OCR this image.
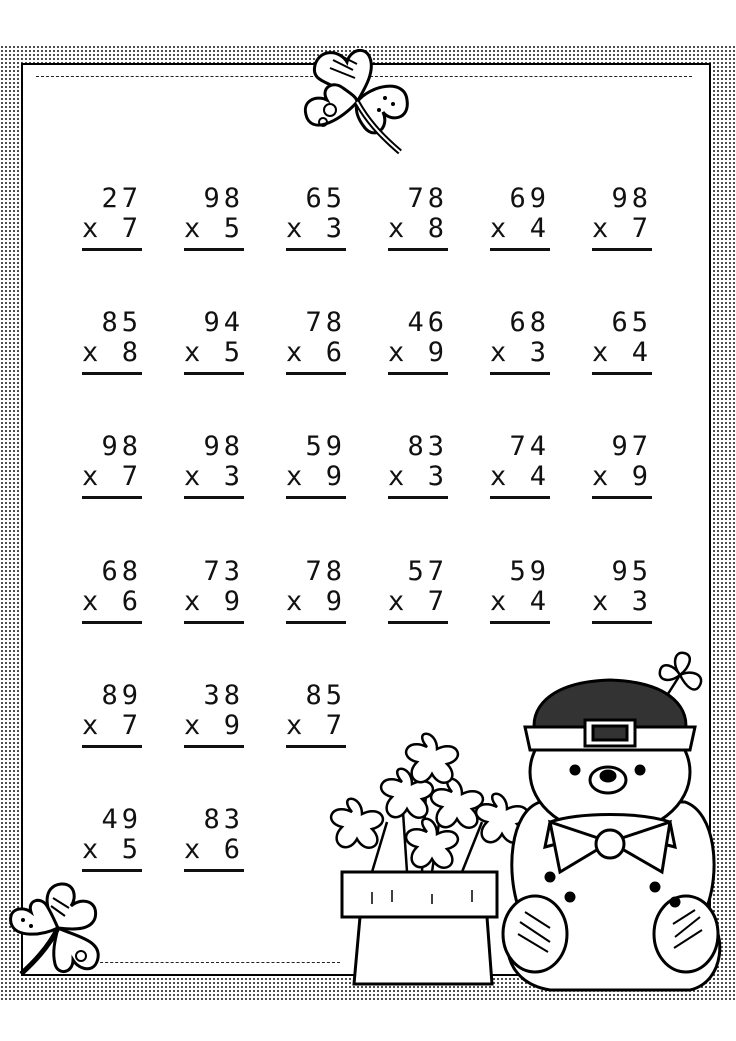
27
x 7
98
x 5
65
x 3
78
x 8
69
x 4
98
x 7
85
x 8
94
x 5
78
x 6
46
x 9
68
x 3
65
x 4
98
x 7
98
x 3
59
x 9
83
x 3
74
x 4
97
x 9
68
x 6
73
x 9
78
x 9
57
x 7
59
x 4
95
x 3
89
x 7
38
x 9
85
x 7
49
x 5
83
x 6
